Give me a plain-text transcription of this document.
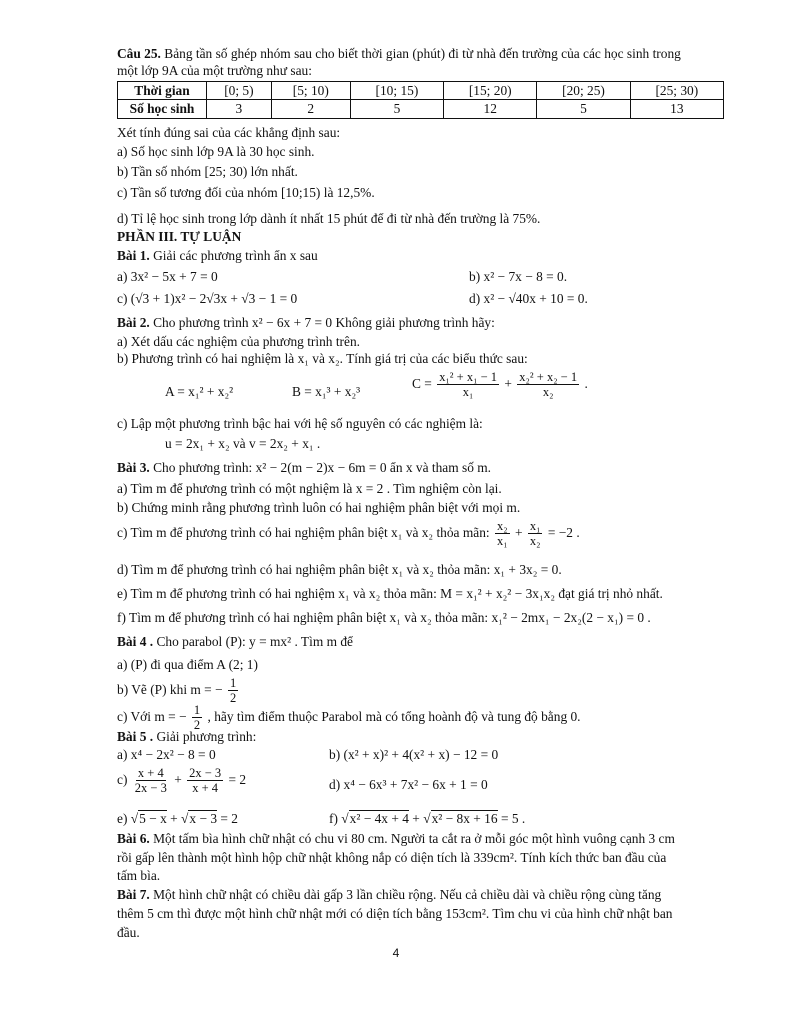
Câu 25. Bảng tần số ghép nhóm sau cho biết thời gian (phút) đi từ nhà đến trường của các học sinh trong
một lớp 9A của một trường như sau:
Thời gian	[0; 5)	[5; 10)	[10; 15)	[15; 20)	[20; 25)	[25; 30)
Số học sinh	3	2	5	12	5	13
Xét tính đúng sai của các khẳng định sau:
a) Số học sinh lớp 9A là 30 học sinh.
b) Tần số nhóm [25; 30) lớn nhất.
c) Tần số tương đối của nhóm [10;15) là 12,5%.
d) Tỉ lệ học sinh trong lớp dành ít nhất 15 phút để đi từ nhà đến trường là 75%.
PHẦN III. TỰ LUẬN
Bài 1. Giải các phương trình ẩn x sau
a) 3x² − 5x + 7 = 0	b) x² − 7x − 8 = 0.
c) (√3 + 1)x² − 2√3x + √3 − 1 = 0	d) x² − √40x + 10 = 0.
Bài 2. Cho phương trình x² − 6x + 7 = 0 Không giải phương trình hãy:
a) Xét dấu các nghiệm của phương trình trên.
b) Phương trình có hai nghiệm là x₁ và x₂. Tính giá trị của các biểu thức sau:
A = x₁² + x₂²	B = x₁³ + x₂³
$C = \frac{\text{x₁² + x₁ − 1}}{\text{x₁}} + \frac{\text{x₂² + x₂ − 1}}{\text{x₂}}$ .
c) Lập một phương trình bậc hai với hệ số nguyên có các nghiệm là:
u = 2x₁ + x₂ và v = 2x₂ + x₁ .
Bài 3. Cho phương trình: x² − 2(m − 2)x − 6m = 0 ẩn x và tham số m.
a) Tìm m để phương trình có một nghiệm là x = 2 . Tìm nghiệm còn lại.
b) Chứng minh rằng phương trình luôn có hai nghiệm phân biệt với mọi m.
c) Tìm m để phương trình có hai nghiệm phân biệt x₁ và x₂ thỏa mãn: $\frac{\text{x₂}}{\text{x₁}} + \frac{\text{x₁}}{\text{x₂}} = -2$ .
d) Tìm m để phương trình có hai nghiệm phân biệt x₁ và x₂ thỏa mãn: x₁ + 3x₂ = 0.
e) Tìm m để phương trình có hai nghiệm x₁ và x₂ thỏa mãn: M = x₁² + x₂² − 3x₁x₂ đạt giá trị nhỏ nhất.
f) Tìm m để phương trình có hai nghiệm phân biệt x₁ và x₂ thỏa mãn: x₁² − 2mx₁ − 2x₂(2 − x₁) = 0 .
Bài 4 . Cho parabol (P): y = mx² . Tìm m để
a) (P) đi qua điểm A (2; 1)
b) Vẽ (P) khi m = − $\frac{1}{2}$
c) Với m = − $\frac{1}{2}$ , hãy tìm điểm thuộc Parabol mà có tổng hoành độ và tung độ bằng 0.
Bài 5 . Giải phương trình:
a) x⁴ − 2x² − 8 = 0	b) (x² + x)² + 4(x² + x) − 12 = 0
$c) \frac{x + 4}{2x - 3} + \frac{2x - 3}{x + 4} = 2$	d) x⁴ − 6x³ + 7x² − 6x + 1 = 0
e) √5 − x + √x − 3 = 2	f) √x² − 4x + 4 + √x² − 8x + 16 = 5 .
Bài 6. Một tấm bìa hình chữ nhật có chu vi 80 cm. Người ta cắt ra ở mỗi góc một hình vuông cạnh 3 cm
rồi gấp lên thành một hình hộp chữ nhật không nắp có diện tích là 339cm². Tính kích thức ban đầu của
tấm bìa.
Bài 7. Một hình chữ nhật có chiều dài gấp 3 lần chiều rộng. Nếu cả chiều dài và chiều rộng cùng tăng
thêm 5 cm thì được một hình chữ nhật mới có diện tích bằng 153cm². Tìm chu vi của hình chữ nhật ban
đầu.
4
